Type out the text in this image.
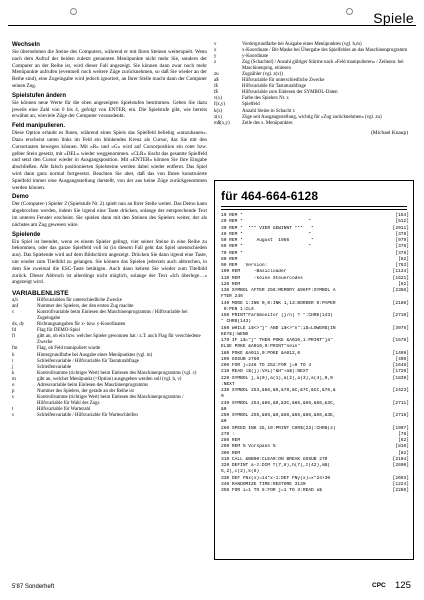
Spiele
Wechseln

Sie übernehmen die Steine des Computers, während er mit Ihren Steinen weiterspielt. Wenn nach dem Aufruf der beiden zuletzt genannten Menüpunkte nicht mehr Sie, sondern der Computer an der Reihe ist, wird dieser Fall angezeigt. Sie können dann zwar noch mehr Menüpunkte aufrufen (eventuell noch weitere Züge zurücknehmen, so daß Sie wieder an der Reihe sind), eine Zugeingabe wird jedoch ignoriert, an Ihrer Stelle macht dann der Computer seinen Zug.

Spielstufen ändern

Sie können neue Werte für die oben angezeigten Spielstufen bestimmen. Geben Sie dazu jeweils eine Zahl von 0 bis 4, gefolgt von ENTER, ein. Die Spielstufe gibt, wie bereits erwähnt an, wieviele Züge der Computer vorausdenkt.

Feld manipulieren.

Diese Option erlaubt es Ihnen, während eines Spiels das Spielfeld beliebig »umzubauen«. Dazu erscheint unten links im Feld ein blinkendes Kreuz als Cursor, das Sie mit den Cursortasten bewegen können. Mit »R« und »G« wird auf Cursorposition ein roter bzw. gelber Stein gesetzt, mit »DEL« wieder weggenommen. »CLR« löscht das gesamte Spielfeld und setzt den Cursor wieder in Ausgangsposition. Mit »ENTER« können Sie Ihre Eingabe abschließen. Alle falsch positionierten Spielsteine werden dabei wieder entfernt. Das Spiel wird dann ganz normal fortgesetzt. Beachten Sie aber, daß das von Ihnen konstruierte Spielfeld immer eine Ausgangsstellung darstellt, von der aus keine Züge zurückgenommen werden können.

Demo

Der (Computer-) Spieler 2 (Spielstufe Nr. 2) spielt nun an Ihrer Stelle weiter. Das Demo kann abgebrochen werden, indem Sie irgend eine Taste drücken, solange der entsprechende Text im unteren Fenster erscheint. Sie spielen dann mit den Steinen des Spielers weiter, der als nächstes am Zug gewesen wäre.

Spielende

Ein Spiel ist beendet, wenn es einem Spieler gelingt, vier seiner Steine in eine Reihe zu bekommen, oder das ganze Spielfeld voll ist (in diesem Fall geht das Spiel unentschieden aus). Das Spielende wird auf dem Bildschirm angezeigt. Drücken Sie dann irgend eine Taste, um wieder zum Titelbild zu gelangen. Sie können das Spielen jederzeit auch abbrechen, in dem Sie zweimal die ESC-Taste betätigen. Auch dann kehren Sie wieder zum Titelbild zurück. Dieser Abbruch ist allerdings nicht möglich, solange der Text »Ich überlege…« angezeigt wird.

VARIABLENLISTE
a,b	Hilfsvariablen für unterschiedliche Zwecke
anf	Nummer des Spielers, der den ersten Zug machte
c	Kontrollvariable beim Einlesen des Maschinenprogramms / Hilfsvariable bei Zugeingabe
dx, dy	Richtungsangaben für x- bzw. y-Koordinaten
fd	Flag für DEMO-Spiel
fl	gibt an, ob ein bzw. welcher Spieler gewonnen hat / z.T. auch Flag für verschiedene Zwecke
fm	Flag, ob Feld manipuliert wurde
h	Hintergrundfarbe bei Ausgabe eines Menüpunktes (vgl. m)
i	Schleifenvariable / Hilfsvariable für Tastaturabfrage
j	Schleifenvariable
k	Kontrollsumme (richtiger Wert) beim Einlesen des Maschinenprogramms (vgl. c)
m	gibt an, welcher Menüpunkt (=Option) ausgegeben werden soll (vgl. h, v)
o	Adressvariable beim Einlesen des Maschinenprogramms
p	Nummer des Spielers, der gerade an der Reihe ist
s	Kontrollsumme (richtiger Wert) beim Einlesen des Maschinenprogramms / Hilfsvariable für Wahl des Zugs
t	Hilfsvariable für Wartezahl
s	Schleifenvariable / Hilfsvariable für Warteschleifen
v	Vordergrundfarbe bei Ausgabe eines Menüpunktes (vgl. h,m)
x	x-Koordinate / Bit-Maske bei Übergabe des Spielfeldes an das Maschinenprogramm
y	y-Koordinate
z	Zug (Schachtel) / Anzahl gültiger Stürme nach »Feld manipulieren« / Zeilennr. bei Maschinenprog. einlesen
zu	Zugzähler (vgl. z(x))
a$	Hilfsvariable für unterschiedliche Zwecke
i$	Hilfsvariable für Tastaturabfrage
l$	Hilfsvariable zum Einlesen der SYMBOL-Daten
c(x)	Farbe des Spielers Nr. x
f(x,y)	Spielfeld
k(x)	Anzahl Steine in Schacht x
z(x)	Züge seit Ausgangsstellung, wichtig für »Zug zurücknehmen« (vgl. zu)
m$(x,y)	Zeile des x. Menüpunktes
(Michael Knaup)
für 464-664-6128
10 REM *	[154]
20 REM *                        *	[512]
30 REM *  *** VIER GEWINNT ***   *	[2011]
40 REM *                        *	[378]
50 REM *     August  1986        *	[979]
60 REM *                        *	[378]
70 REM *	[378]
80 REM	[82]
90 REM   Version:	[763]
100 REM     -Basicloader	[1134]
110 REM     -keine Steuercodes	[1621]
120 REM	[82]
130 SYMBOL AFTER 256:MEMORY &96FF:SYMBOL A	[2388]
FTER 246
140 MODE 1:INK 0,0:INK 1,13:BORDER 0:PAPER	[2180]
0:PEN 1:CLS
150 PRINT"Farbmonitor [j/n] ? ":CHR$(143)	[2710]
" CHR$(143)
160 WHILE i$<>"j" AND i$<>"n":i$=LOWER$(IN	[3976]
KEY$):WEND
170 IF i$="j" THEN POKE &A010,1:PRINT"ja"	[1578]
ELSE POKE &A010,0:PRINT"nein"
180 POKE &A011,0:POKE &A012,0	[1498]
190 GOSUB 2760	[490]
200 FOR j=246 TO 252:FOR j=0 TO 4	[1648]
210 READ l$(j):VAL("&H"+a$):NEXT	[1720]
220 SYMBOL j,a(0),a(1),a(2),a(3),a(4),0,0	[1839]
:NEXT
230 SYMBOL 253,&66,&0,&78,&C,&7C,&CC,&76,&	[2423]
0
240 SYMBOL 254,&66,&0,&3C,&66,&66,&66,&3C,	[2711]
&0
250 SYMBOL 255,&66,&0,&66,&66,&66,&66,&3E,	[2718]
&0
260 SPEED INK 25,10:PRINT CHR$(23):CHR$(4)	[1997]
270 :	[78]
280 REM	[82]
290 REM % Vorspann %	[810]
300 REM	[82]
310 CALL &BB00:CLEAR:ON BREAK GOSUB 270	[2104]
320 DEFINT a-z:DIM f(7,8),h(7),z(42),m$(	[2690]
5,2),c(2),k(8)
330 DEF FNx(x)=14*x-1:DEF FNy(x)=x*24+30	[2693]
340 RANDOMIZE TIME:RESTORE 3130	[1224]
350 FOR i=1 TO 6:FOR j=1 TO 3:READ a$	[2286]
5'87 Sonderheft	CPC 125
